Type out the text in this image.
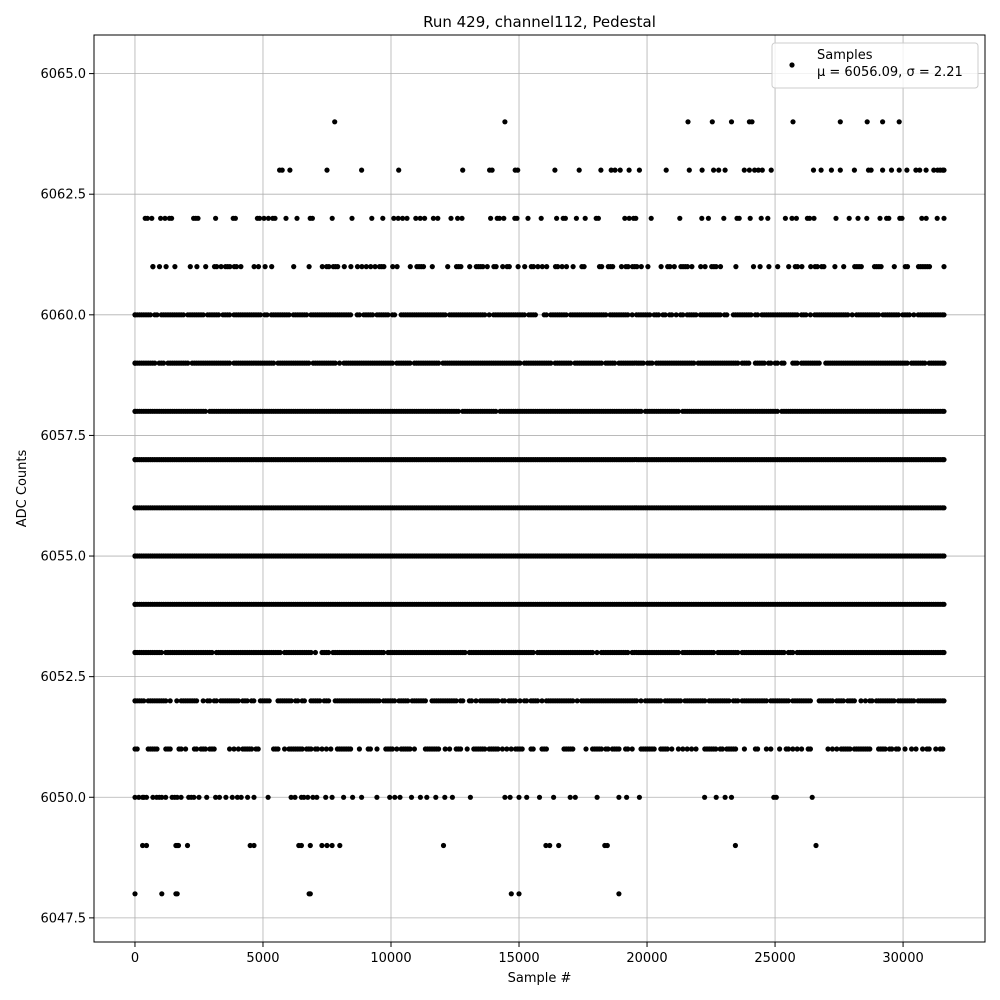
0	5000	10000	15000	20000	25000	30000
6047.5
6050.0
6052.5
6055.0
6057.5
6060.0
6062.5
6065.0
Run 429, channel112, Pedestal
Sample #
ADC Counts
Samples
μ = 6056.09, σ = 2.21
